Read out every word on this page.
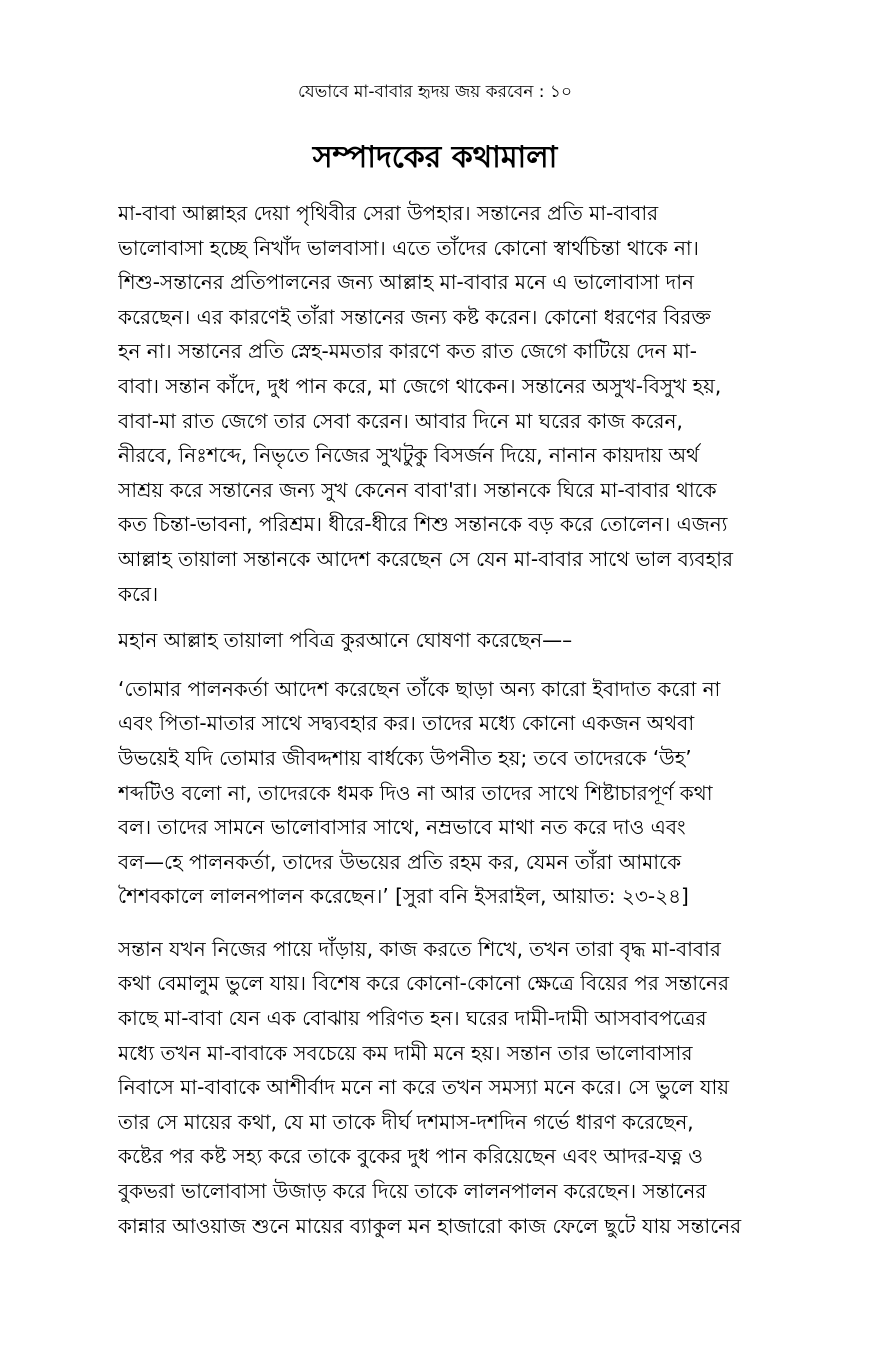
যেভাবে মা-বাবার হৃদয় জয় করবেন : ১০
সম্পাদকের কথামালা

মা-বাবা আল্লাহর দেয়া পৃথিবীর সেরা উপহার। সন্তানের প্রতি মা-বাবার
ভালোবাসা হচ্ছে নিখাঁদ ভালবাসা। এতে তাঁদের কোনো স্বার্থচিন্তা থাকে না।
শিশু-সন্তানের প্রতিপালনের জন্য আল্লাহ মা-বাবার মনে এ ভালোবাসা দান
করেছেন। এর কারণেই তাঁরা সন্তানের জন্য কষ্ট করেন। কোনো ধরণের বিরক্ত
হন না। সন্তানের প্রতি স্নেহ-মমতার কারণে কত রাত জেগে কাটিয়ে দেন মা-
বাবা। সন্তান কাঁদে, দুধ পান করে, মা জেগে থাকেন। সন্তানের অসুখ-বিসুখ হয়,
বাবা-মা রাত জেগে তার সেবা করেন। আবার দিনে মা ঘরের কাজ করেন,
নীরবে, নিঃশব্দে, নিভৃতে নিজের সুখটুকু বিসর্জন দিয়ে, নানান কায়দায় অর্থ
সাশ্রয় করে সন্তানের জন্য সুখ কেনেন বাবা'রা। সন্তানকে ঘিরে মা-বাবার থাকে
কত চিন্তা-ভাবনা, পরিশ্রম। ধীরে-ধীরে শিশু সন্তানকে বড় করে তোলেন। এজন্য
আল্লাহ তায়ালা সন্তানকে আদেশ করেছেন সে যেন মা-বাবার সাথে ভাল ব্যবহার
করে।

মহান আল্লাহ তায়ালা পবিত্র কুরআনে ঘোষণা করেছেন—–

‘তোমার পালনকর্তা আদেশ করেছেন তাঁকে ছাড়া অন্য কারো ইবাদাত করো না
এবং পিতা-মাতার সাথে সদ্ব্যবহার কর। তাদের মধ্যে কোনো একজন অথবা
উভয়েই যদি তোমার জীবদ্দশায় বার্ধক্যে উপনীত হয়; তবে তাদেরকে ‘উহ’
শব্দটিও বলো না, তাদেরকে ধমক দিও না আর তাদের সাথে শিষ্টাচারপূর্ণ কথা
বল। তাদের সামনে ভালোবাসার সাথে, নম্রভাবে মাথা নত করে দাও এবং
বল—হে পালনকর্তা, তাদের উভয়ের প্রতি রহম কর, যেমন তাঁরা আমাকে
শৈশবকালে লালনপালন করেছেন।’ [সুরা বনি ইসরাইল, আয়াত: ২৩-২৪]

সন্তান যখন নিজের পায়ে দাঁড়ায়, কাজ করতে শিখে, তখন তারা বৃদ্ধ মা-বাবার
কথা বেমালুম ভুলে যায়। বিশেষ করে কোনো-কোনো ক্ষেত্রে বিয়ের পর সন্তানের
কাছে মা-বাবা যেন এক বোঝায় পরিণত হন। ঘরের দামী-দামী আসবাবপত্রের
মধ্যে তখন মা-বাবাকে সবচেয়ে কম দামী মনে হয়। সন্তান তার ভালোবাসার
নিবাসে মা-বাবাকে আশীর্বাদ মনে না করে তখন সমস্যা মনে করে। সে ভুলে যায়
তার সে মায়ের কথা, যে মা তাকে দীর্ঘ দশমাস-দশদিন গর্ভে ধারণ করেছেন,
কষ্টের পর কষ্ট সহ্য করে তাকে বুকের দুধ পান করিয়েছেন এবং আদর-যত্ন ও
বুকভরা ভালোবাসা উজাড় করে দিয়ে তাকে লালনপালন করেছেন। সন্তানের
কান্নার আওয়াজ শুনে মায়ের ব্যাকুল মন হাজারো কাজ ফেলে ছুটে যায় সন্তানের
